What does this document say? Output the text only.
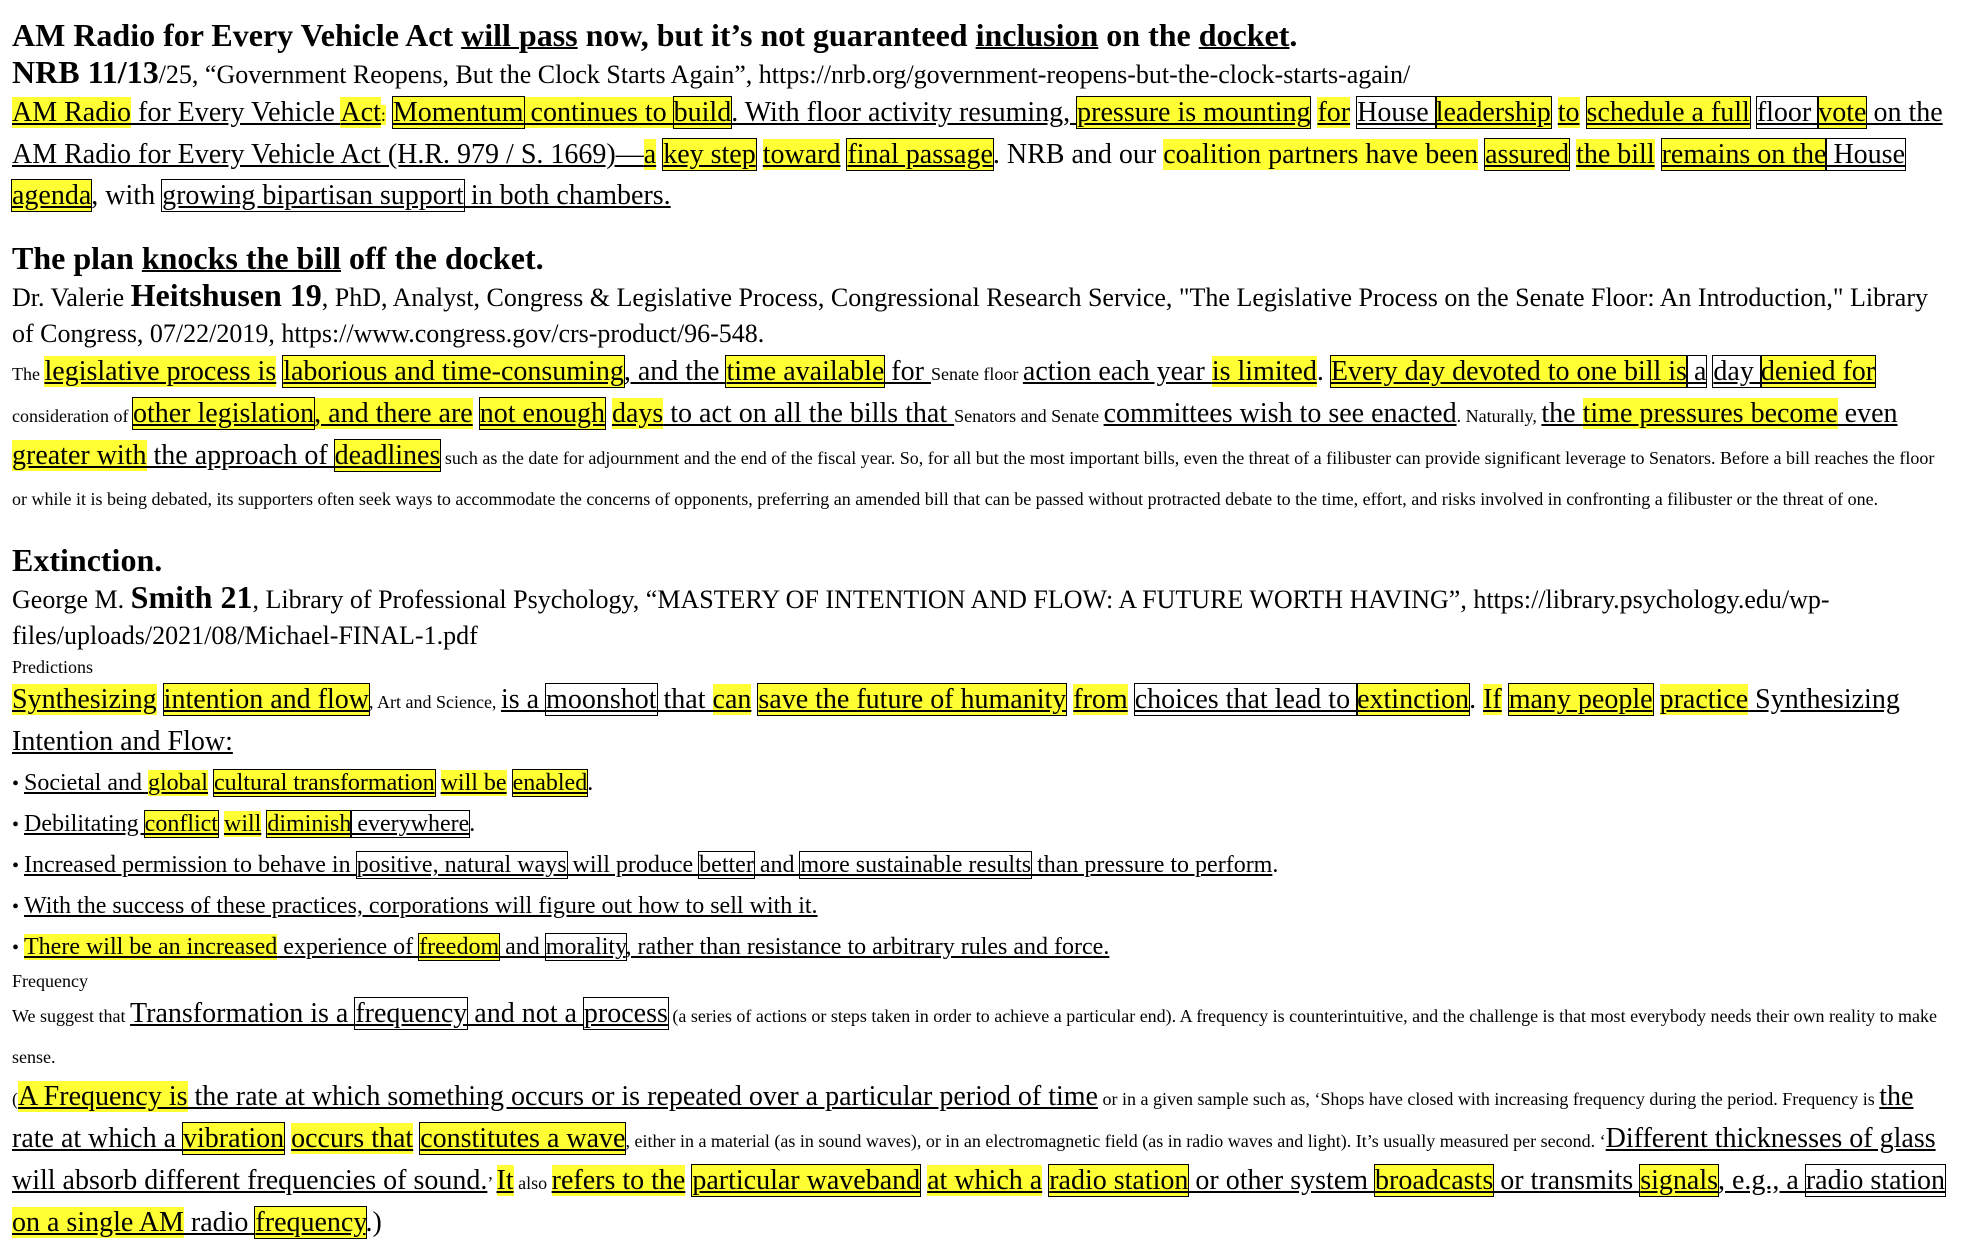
AM Radio for Every Vehicle Act will pass now, but it’s not guaranteed inclusion on the docket.

NRB 11/13/25, “Government Reopens, But the Clock Starts Again”, https://nrb.org/government-reopens-but-the-clock-starts-again/

AM Radio for Every Vehicle Act: Momentum continues to build. With floor activity resuming, pressure is mounting for House leadership to schedule a full floor vote on the AM Radio for Every Vehicle Act (H.R. 979 / S. 1669)—a key step toward final passage. NRB and our coalition partners have been assured the bill remains on the House agenda, with growing bipartisan support in both chambers.

The plan knocks the bill off the docket.

Dr. Valerie Heitshusen 19, PhD, Analyst, Congress & Legislative Process, Congressional Research Service, "The Legislative Process on the Senate Floor: An Introduction," Library of Congress, 07/22/2019, https://www.congress.gov/crs-product/96-548.

The legislative process is laborious and time-consuming, and the time available for Senate floor action each year is limited. Every day devoted to one bill is a day denied for consideration of other legislation, and there are not enough days to act on all the bills that Senators and Senate committees wish to see enacted. Naturally, the time pressures become even greater with the approach of deadlines such as the date for adjournment and the end of the fiscal year. So, for all but the most important bills, even the threat of a filibuster can provide significant leverage to Senators. Before a bill reaches the floor or while it is being debated, its supporters often seek ways to accommodate the concerns of opponents, preferring an amended bill that can be passed without protracted debate to the time, effort, and risks involved in confronting a filibuster or the threat of one.

Extinction.

George M. Smith 21, Library of Professional Psychology, “MASTERY OF INTENTION AND FLOW: A FUTURE WORTH HAVING”, https://library.psychology.edu/wp-files/uploads/2021/08/Michael-FINAL-1.pdf

Predictions

Synthesizing intention and flow, Art and Science, is a moonshot that can save the future of humanity from choices that lead to extinction. If many people practice Synthesizing Intention and Flow:

• Societal and global cultural transformation will be enabled.

• Debilitating conflict will diminish everywhere.

• Increased permission to behave in positive, natural ways will produce better and more sustainable results than pressure to perform.

• With the success of these practices, corporations will figure out how to sell with it.

• There will be an increased experience of freedom and morality, rather than resistance to arbitrary rules and force.

Frequency

We suggest that Transformation is a frequency and not a process (a series of actions or steps taken in order to achieve a particular end). A frequency is counterintuitive, and the challenge is that most everybody needs their own reality to make sense.

(A Frequency is the rate at which something occurs or is repeated over a particular period of time or in a given sample such as, ‘Shops have closed with increasing frequency during the period. Frequency is the rate at which a vibration occurs that constitutes a wave, either in a material (as in sound waves), or in an electromagnetic field (as in radio waves and light). It’s usually measured per second. ‘Different thicknesses of glass will absorb different frequencies of sound.’ It also refers to the particular waveband at which a radio station or other system broadcasts or transmits signals, e.g., a radio station on a single AM radio frequency.)
